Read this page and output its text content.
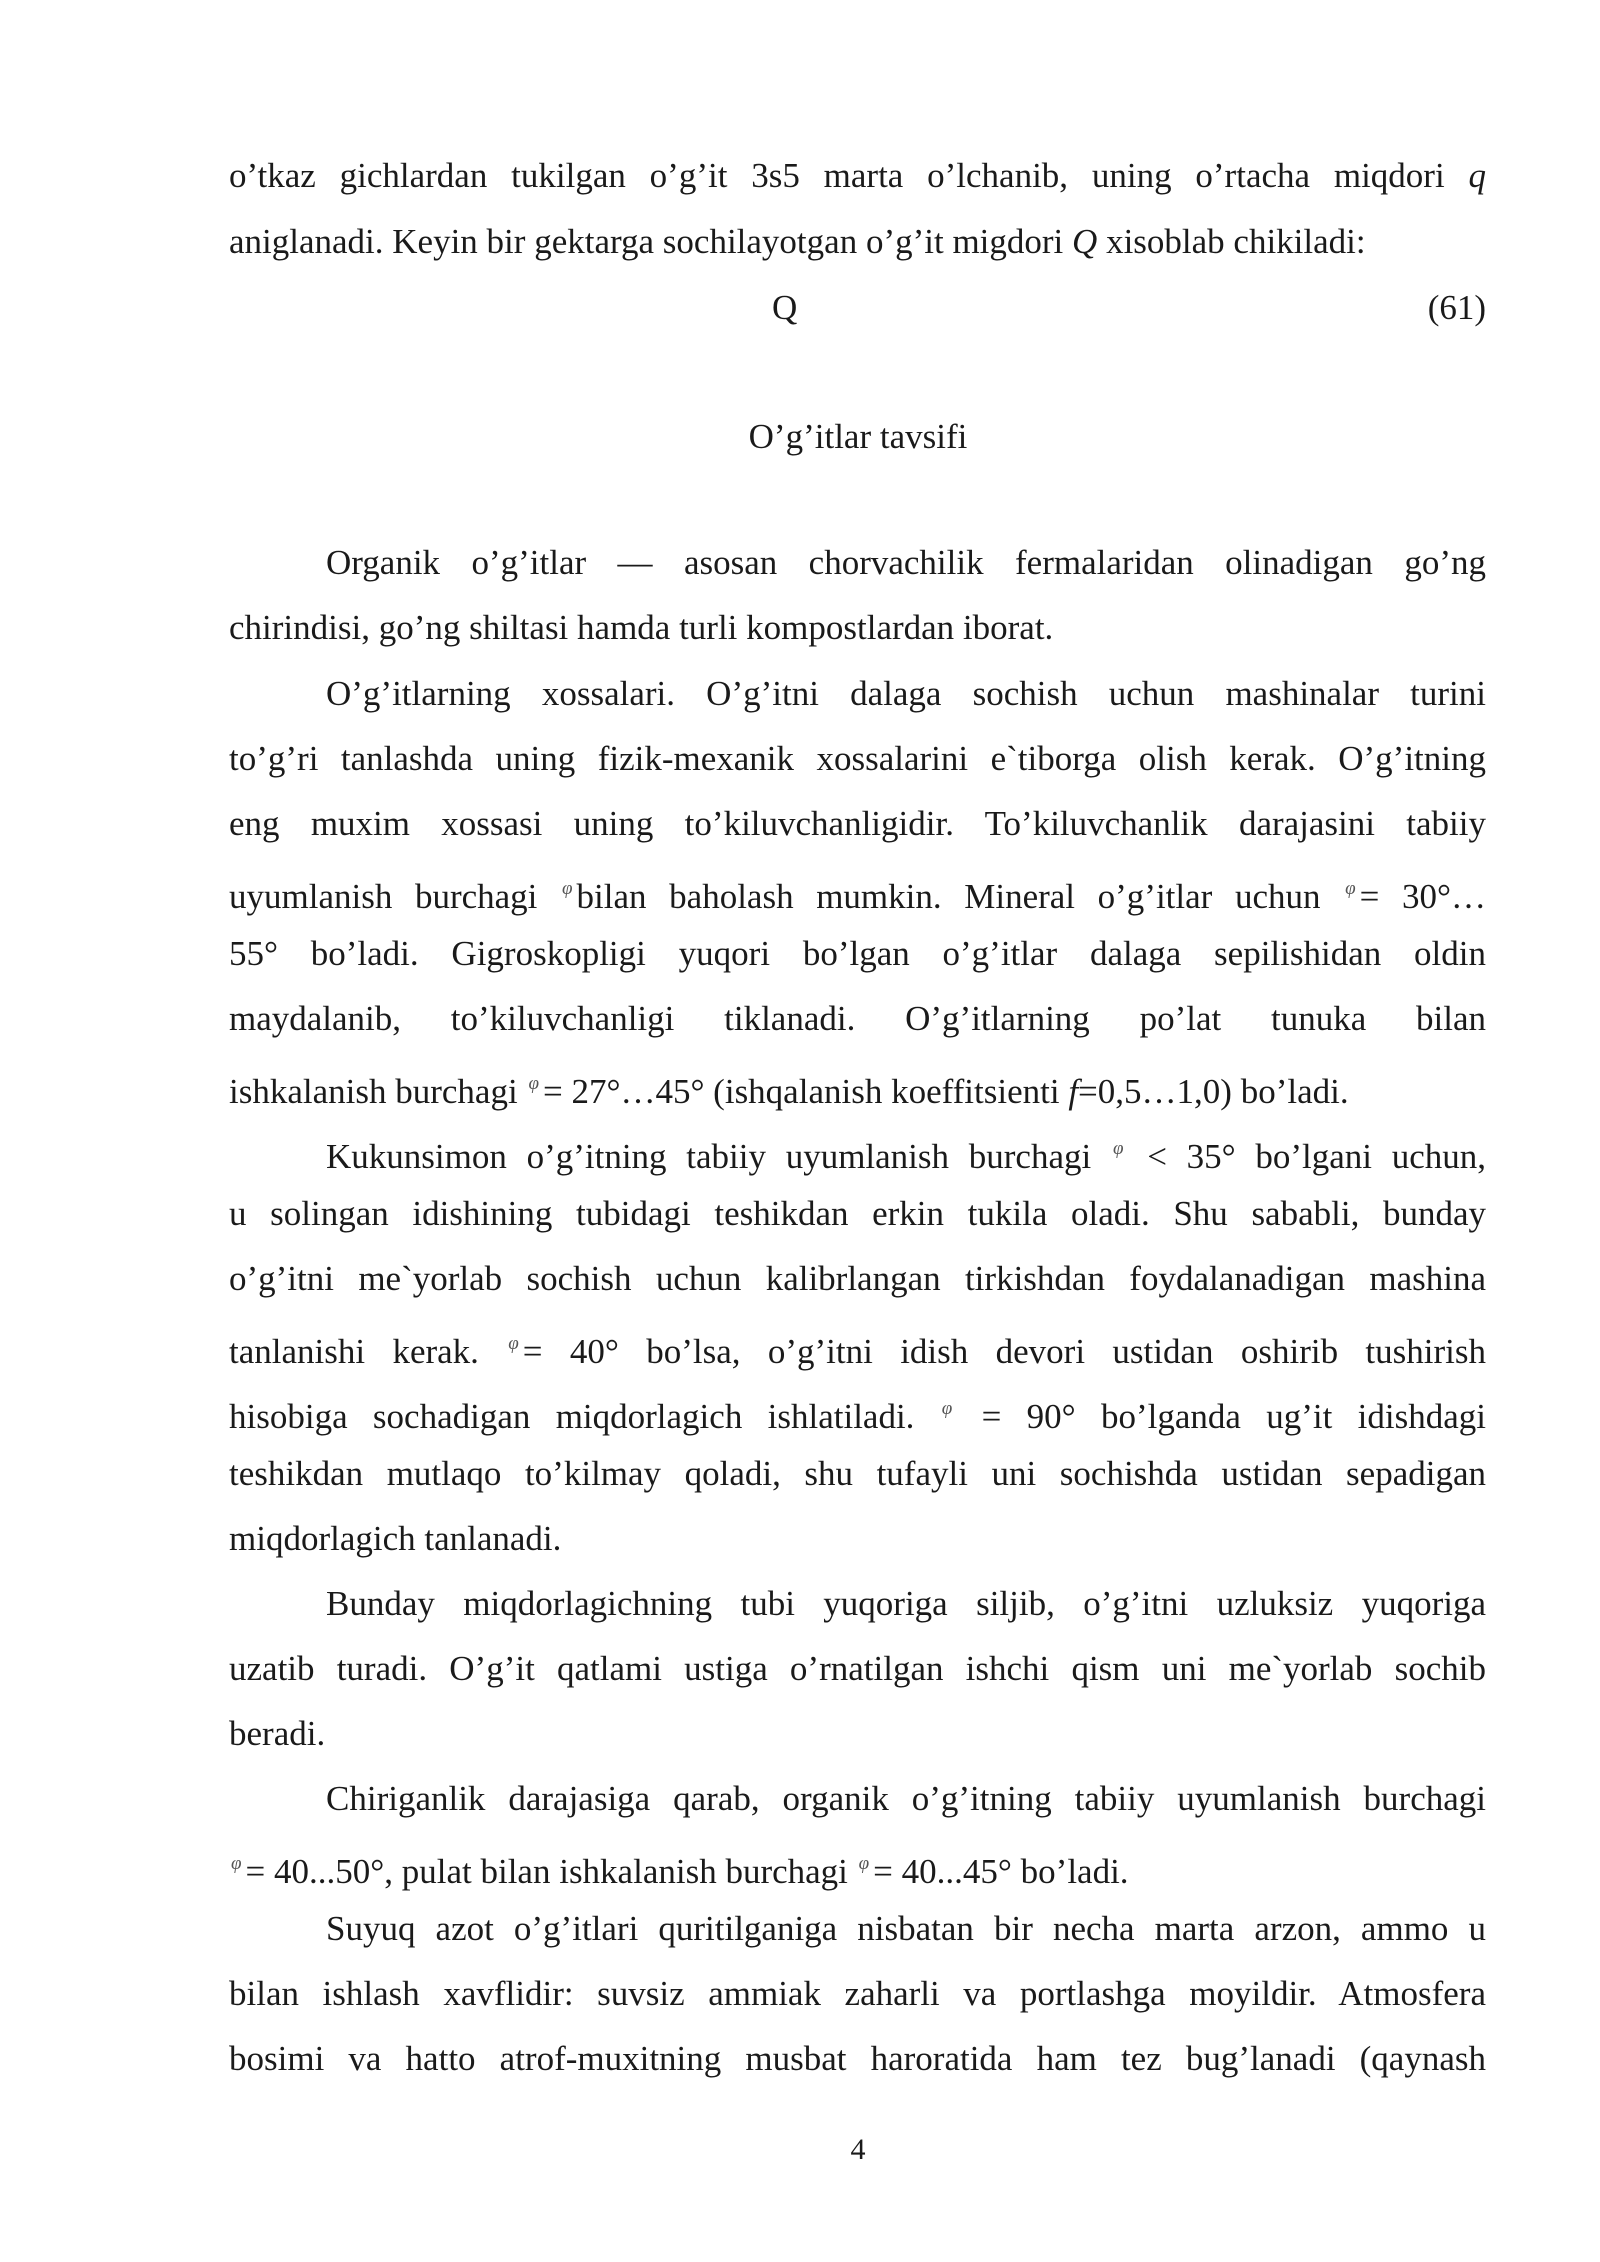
o’tkaz gichlardan tukilgan o’g’it 3s5 marta o’lchanib, uning o’rtacha miqdori q
aniglanadi. Keyin bir gektarga sochilayotgan o’g’it migdori Q xisoblab chikiladi:
Q	(61)
O’g’itlar tavsifi
Organik o’g’itlar — asosan chorvachilik fermalaridan olinadigan go’ng
chirindisi, go’ng shiltasi hamda turli kompostlardan iborat.
O’g’itlarning xossalari. O’g’itni dalaga sochish uchun mashinalar turini
to’g’ri tanlashda uning fizik-mexanik xossalarini e`tiborga olish kerak. O’g’itning
eng muxim xossasi uning to’kiluvchanligidir. To’kiluvchanlik darajasini tabiiy
uyumlanish burchagi φ bilan baholash mumkin. Mineral o’g’itlar uchun φ = 30°…
55° bo’ladi. Gigroskopligi yuqori bo’lgan o’g’itlar dalaga sepilishidan oldin
maydalanib, to’kiluvchanligi tiklanadi. O’g’itlarning po’lat tunuka bilan
ishkalanish burchagi φ = 27°…45° (ishqalanish koeffitsienti f=0,5…1,0) bo’ladi.
Kukunsimon o’g’itning tabiiy uyumlanish burchagi φ < 35° bo’lgani uchun,
u solingan idishining tubidagi teshikdan erkin tukila oladi. Shu sababli, bunday
o’g’itni me`yorlab sochish uchun kalibrlangan tirkishdan foydalanadigan mashina
tanlanishi kerak. φ = 40° bo’lsa, o’g’itni idish devori ustidan oshirib tushirish
hisobiga sochadigan miqdorlagich ishlatiladi. φ = 90° bo’lganda ug’it idishdagi
teshikdan mutlaqo to’kilmay qoladi, shu tufayli uni sochishda ustidan sepadigan
miqdorlagich tanlanadi.
Bunday miqdorlagichning tubi yuqoriga siljib, o’g’itni uzluksiz yuqoriga
uzatib turadi. O’g’it qatlami ustiga o’rnatilgan ishchi qism uni me`yorlab sochib
beradi.
Chiriganlik darajasiga qarab, organik o’g’itning tabiiy uyumlanish burchagi
φ = 40...50°, pulat bilan ishkalanish burchagi φ = 40...45° bo’ladi.
Suyuq azot o’g’itlari quritilganiga nisbatan bir necha marta arzon, ammo u
bilan ishlash xavflidir: suvsiz ammiak zaharli va portlashga moyildir. Atmosfera
bosimi va hatto atrof-muxitning musbat haroratida ham tez bug’lanadi (qaynash
4
